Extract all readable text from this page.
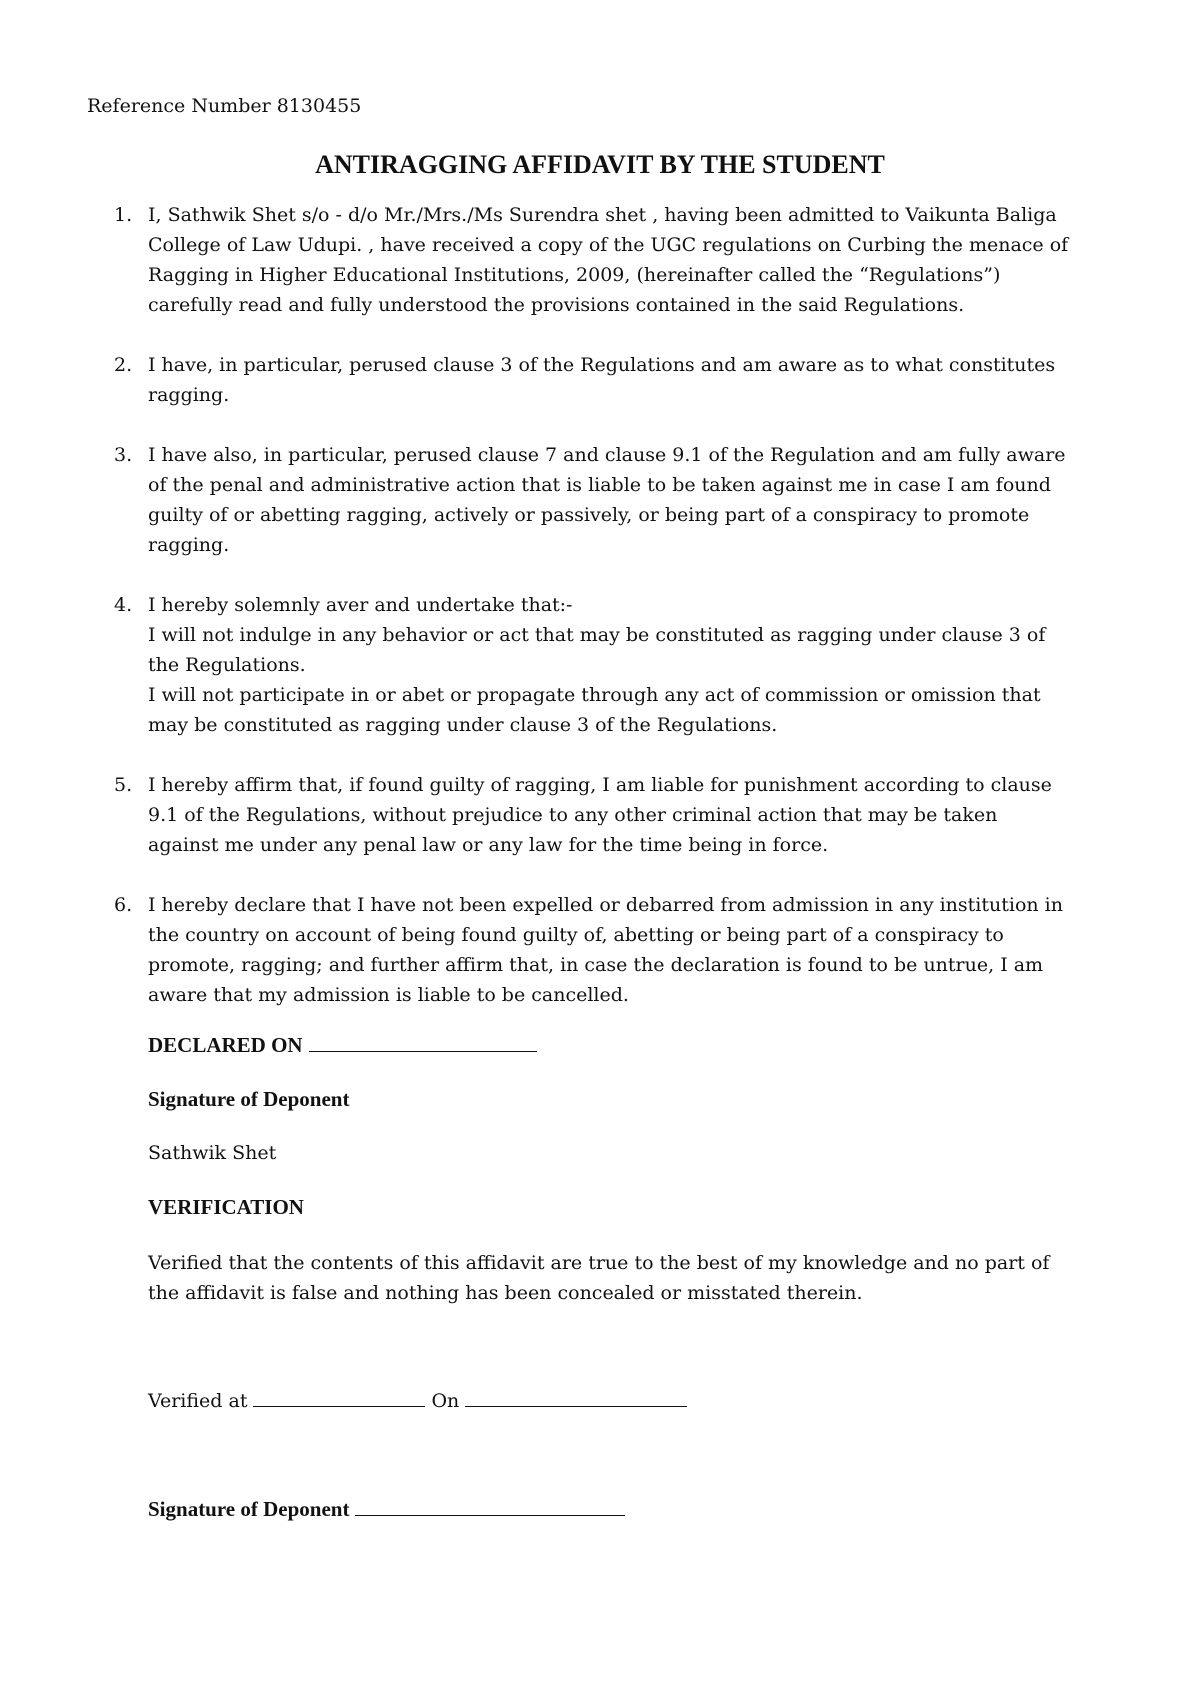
Reference Number 8130455
ANTIRAGGING AFFIDAVIT BY THE STUDENT
1. I, Sathwik Shet s/o - d/o Mr./Mrs./Ms Surendra shet , having been admitted to Vaikunta Baliga
College of Law Udupi. , have received a copy of the UGC regulations on Curbing the menace of
Ragging in Higher Educational Institutions, 2009, (hereinafter called the “Regulations”)
carefully read and fully understood the provisions contained in the said Regulations.
2. I have, in particular, perused clause 3 of the Regulations and am aware as to what constitutes
ragging.
3. I have also, in particular, perused clause 7 and clause 9.1 of the Regulation and am fully aware
of the penal and administrative action that is liable to be taken against me in case I am found
guilty of or abetting ragging, actively or passively, or being part of a conspiracy to promote
ragging.
4. I hereby solemnly aver and undertake that:-
I will not indulge in any behavior or act that may be constituted as ragging under clause 3 of
the Regulations.
I will not participate in or abet or propagate through any act of commission or omission that
may be constituted as ragging under clause 3 of the Regulations.
5. I hereby affirm that, if found guilty of ragging, I am liable for punishment according to clause
9.1 of the Regulations, without prejudice to any other criminal action that may be taken
against me under any penal law or any law for the time being in force.
6. I hereby declare that I have not been expelled or debarred from admission in any institution in
the country on account of being found guilty of, abetting or being part of a conspiracy to
promote, ragging; and further affirm that, in case the declaration is found to be untrue, I am
aware that my admission is liable to be cancelled.
DECLARED ON
Signature of Deponent
Sathwik Shet
VERIFICATION
Verified that the contents of this affidavit are true to the best of my knowledge and no part of
the affidavit is false and nothing has been concealed or misstated therein.
Verified at	On
Signature of Deponent
